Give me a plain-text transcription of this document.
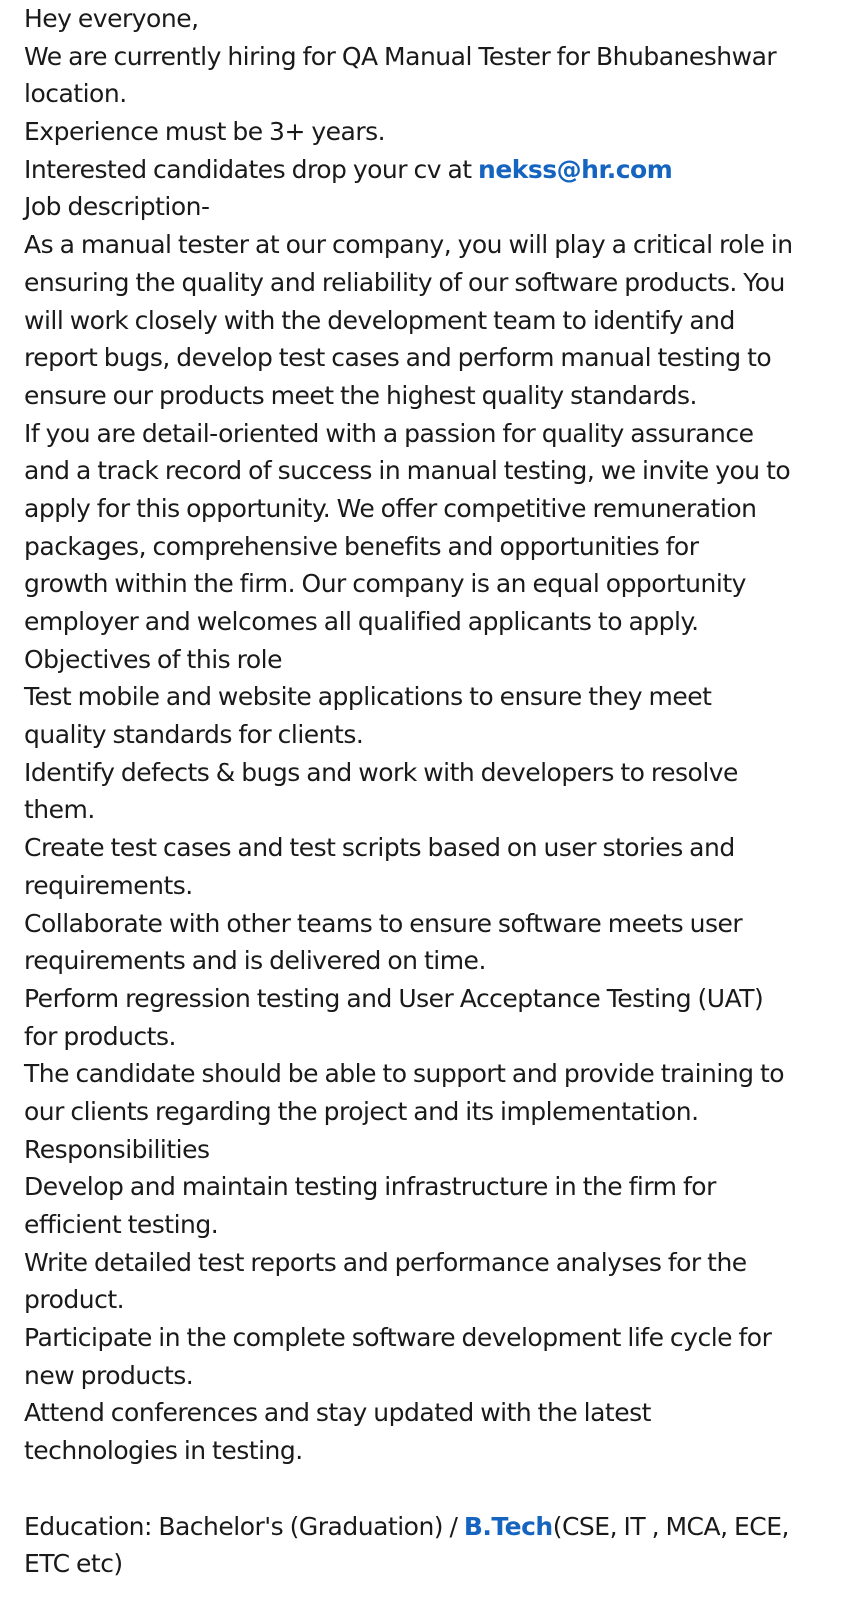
Hey everyone,
We are currently hiring for QA Manual Tester for Bhubaneshwar
location.
Experience must be 3+ years.
Interested candidates drop your cv at nekss@hr.com
Job description-
As a manual tester at our company, you will play a critical role in
ensuring the quality and reliability of our software products. You
will work closely with the development team to identify and
report bugs, develop test cases and perform manual testing to
ensure our products meet the highest quality standards.
If you are detail-oriented with a passion for quality assurance
and a track record of success in manual testing, we invite you to
apply for this opportunity. We offer competitive remuneration
packages, comprehensive benefits and opportunities for
growth within the firm. Our company is an equal opportunity
employer and welcomes all qualified applicants to apply.
Objectives of this role
Test mobile and website applications to ensure they meet
quality standards for clients.
Identify defects & bugs and work with developers to resolve
them.
Create test cases and test scripts based on user stories and
requirements.
Collaborate with other teams to ensure software meets user
requirements and is delivered on time.
Perform regression testing and User Acceptance Testing (UAT)
for products.
The candidate should be able to support and provide training to
our clients regarding the project and its implementation.
Responsibilities
Develop and maintain testing infrastructure in the firm for
efficient testing.
Write detailed test reports and performance analyses for the
product.
Participate in the complete software development life cycle for
new products.
Attend conferences and stay updated with the latest
technologies in testing.
Education: Bachelor's (Graduation) / B.Tech(CSE, IT , MCA, ECE,
ETC etc)
